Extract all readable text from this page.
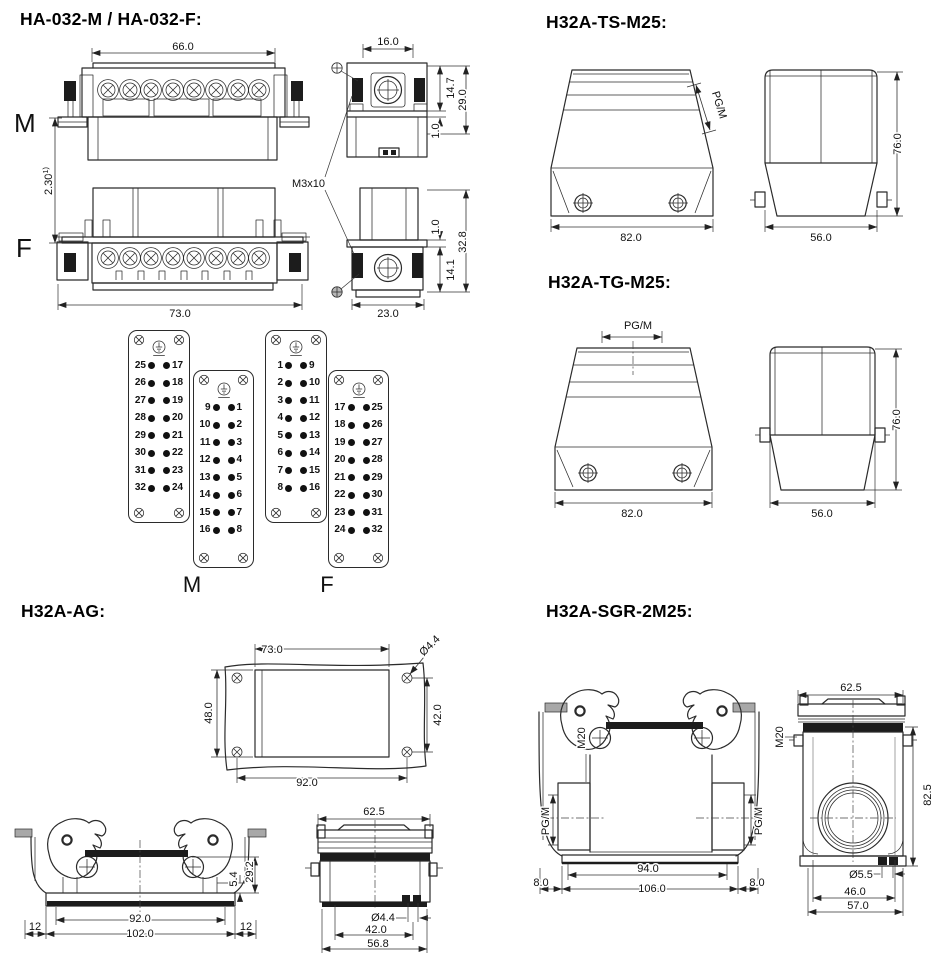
HA-032-M / HA-032-F:	H32A-TS-M25:
H32A-TG-M25:
H32A-AG:	H32A-SGR-2M25:
66.0	16.0
14.7
29.0
1.0
2.30$^{1)}$
M3x10
73.0	23.0
1.0
32.8
14.1
M
F
M	F
PG/M
82.0	56.0
76.0
PG/M
82.0	56.0
76.0
73.0	Ø4.4
48.0	42.0
92.0
5.4 29.2
92.0
102.0
12	12
62.5
Ø4.4
42.0
56.8
M20
PG/M	PG/M
94.0
106.0
8.0	8.0
62.5
M20
82.5
Ø5.5
46.0
57.0
25	17
26	18
27	19
28	20
29	21
30	22
31	23
32	24
9	1
10	2
11	3
12	4
13	5
14	6
15	7
16	8
1	9
2	10
3	11
4	12
5	13
6	14
7	15
8	16
17	25
18	26
19	27
20	28
21	29
22	30
23	31
24	32
